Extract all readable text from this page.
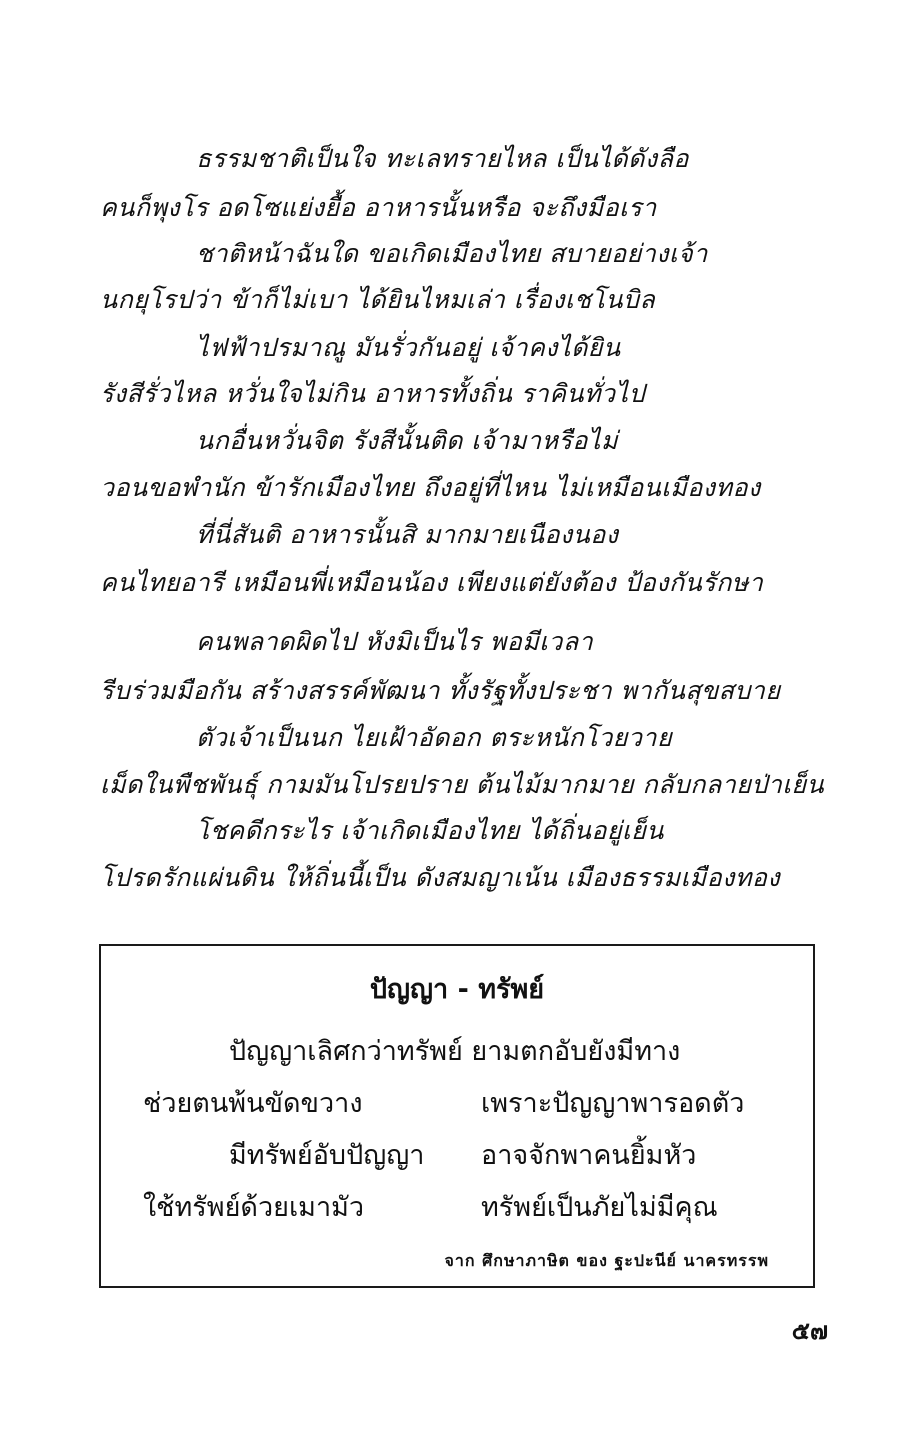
ธรรมชาติเป็นใจ ทะเลทรายไหล เป็นได้ดังลือ
คนก็พุงโร อดโซแย่งยื้อ อาหารนั้นหรือ จะถึงมือเรา
ชาติหน้าฉันใด ขอเกิดเมืองไทย สบายอย่างเจ้า
นกยุโรปว่า ข้าก็ไม่เบา ได้ยินไหมเล่า เรื่องเชโนบิล
ไฟฟ้าปรมาณู มันรั่วกันอยู่ เจ้าคงได้ยิน
รังสีรั่วไหล หวั่นใจไม่กิน อาหารทั้งถิ่น ราคินทั่วไป
นกอื่นหวั่นจิต รังสีนั้นติด เจ้ามาหรือไม่
วอนขอพำนัก ข้ารักเมืองไทย ถึงอยู่ที่ไหน ไม่เหมือนเมืองทอง
ที่นี่สันติ อาหารนั้นสิ มากมายเนืองนอง
คนไทยอารี เหมือนพี่เหมือนน้อง เพียงแต่ยังต้อง ป้องกันรักษา
คนพลาดผิดไป หังมิเป็นไร พอมีเวลา
รีบร่วมมือกัน สร้างสรรค์พัฒนา ทั้งรัฐทั้งประชา พากันสุขสบาย
ตัวเจ้าเป็นนก ไยเฝ้าอัดอก ตระหนักโวยวาย
เม็ดในพืชพันธุ์ กามมันโปรยปราย ต้นไม้มากมาย กลับกลายป่าเย็น
โชคดีกระไร เจ้าเกิดเมืองไทย ได้ถิ่นอยู่เย็น
โปรดรักแผ่นดิน ให้ถิ่นนี้เป็น ดังสมญาเน้น เมืองธรรมเมืองทอง
ปัญญา - ทรัพย์
ปัญญาเลิศกว่าทรัพย์ ยามตกอับยังมีทาง
ช่วยตนพ้นขัดขวาง	เพราะปัญญาพารอดตัว
มีทรัพย์อับปัญญา อาจจักพาคนยิ้มหัว
ใช้ทรัพย์ด้วยเมามัว	ทรัพย์เป็นภัยไม่มีคุณ
จาก ศึกษาภาษิต ของ ฐะปะนีย์ นาครทรรพ
๕๗
